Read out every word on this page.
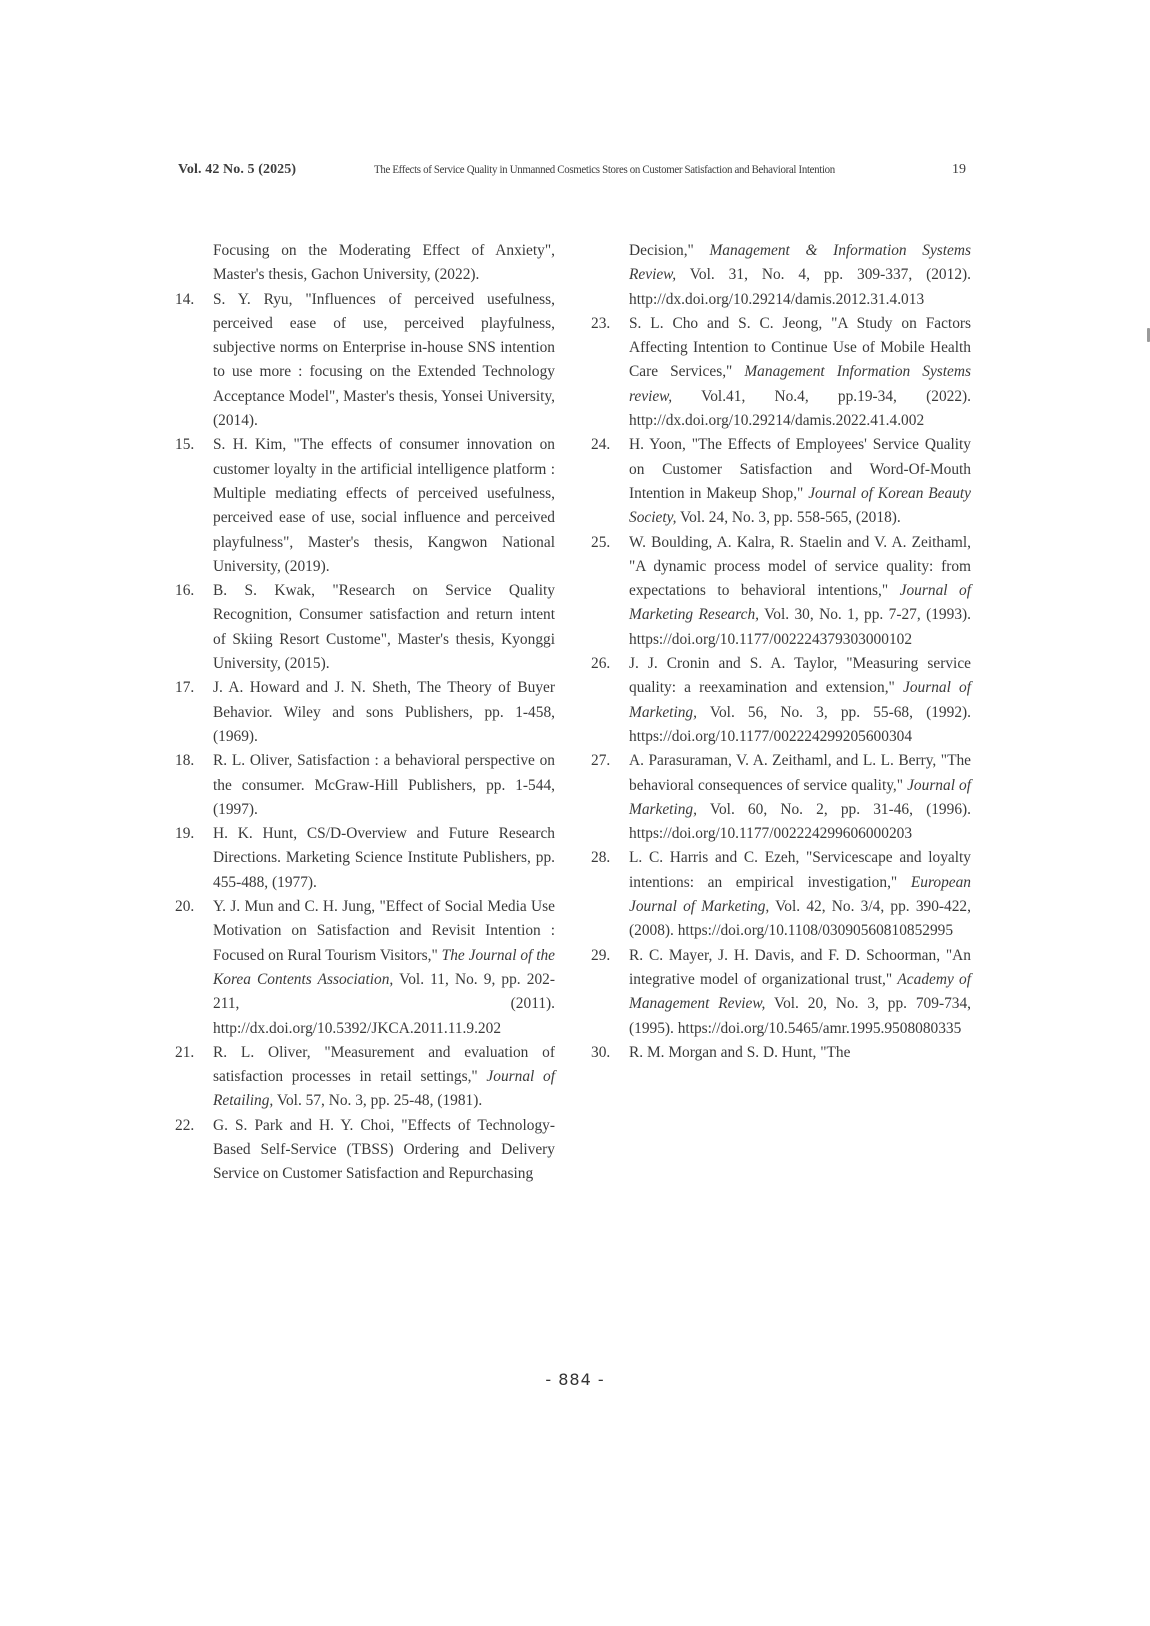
Vol. 42 No. 5 (2025)	The Effects of Service Quality in Unmanned Cosmetics Stores on Customer Satisfaction and Behavioral Intention	19
Focusing on the Moderating Effect of Anxiety", Master's thesis, Gachon University, (2022).
14. S. Y. Ryu, "Influences of perceived usefulness, perceived ease of use, perceived playfulness, subjective norms on Enterprise in-house SNS intention to use more : focusing on the Extended Technology Acceptance Model", Master's thesis, Yonsei University, (2014).
15. S. H. Kim, "The effects of consumer innovation on customer loyalty in the artificial intelligence platform : Multiple mediating effects of perceived usefulness, perceived ease of use, social influence and perceived playfulness", Master's thesis, Kangwon National University, (2019).
16. B. S. Kwak, "Research on Service Quality Recognition, Consumer satisfaction and return intent of Skiing Resort Custome", Master's thesis, Kyonggi University, (2015).
17. J. A. Howard and J. N. Sheth, The Theory of Buyer Behavior. Wiley and sons Publishers, pp. 1-458, (1969).
18. R. L. Oliver, Satisfaction : a behavioral perspective on the consumer. McGraw-Hill Publishers, pp. 1-544, (1997).
19. H. K. Hunt, CS/D-Overview and Future Research Directions. Marketing Science Institute Publishers, pp. 455-488, (1977).
20. Y. J. Mun and C. H. Jung, "Effect of Social Media Use Motivation on Satisfaction and Revisit Intention : Focused on Rural Tourism Visitors," The Journal of the Korea Contents Association, Vol. 11, No. 9, pp. 202-211, (2011). http://dx.doi.org/10.5392/JKCA.2011.11.9.202
21. R. L. Oliver, "Measurement and evaluation of satisfaction processes in retail settings," Journal of Retailing, Vol. 57, No. 3, pp. 25-48, (1981).
22. G. S. Park and H. Y. Choi, "Effects of Technology-Based Self-Service (TBSS) Ordering and Delivery Service on Customer Satisfaction and Repurchasing
Decision," Management & Information Systems Review, Vol. 31, No. 4, pp. 309-337, (2012). http://dx.doi.org/10.29214/damis.2012.31.4.013
23. S. L. Cho and S. C. Jeong, "A Study on Factors Affecting Intention to Continue Use of Mobile Health Care Services," Management Information Systems review, Vol.41, No.4, pp.19-34, (2022). http://dx.doi.org/10.29214/damis.2022.41.4.002
24. H. Yoon, "The Effects of Employees' Service Quality on Customer Satisfaction and Word-Of-Mouth Intention in Makeup Shop," Journal of Korean Beauty Society, Vol. 24, No. 3, pp. 558-565, (2018).
25. W. Boulding, A. Kalra, R. Staelin and V. A. Zeithaml, "A dynamic process model of service quality: from expectations to behavioral intentions," Journal of Marketing Research, Vol. 30, No. 1, pp. 7-27, (1993). https://doi.org/10.1177/002224379303000102
26. J. J. Cronin and S. A. Taylor, "Measuring service quality: a reexamination and extension," Journal of Marketing, Vol. 56, No. 3, pp. 55-68, (1992). https://doi.org/10.1177/002224299205600304
27. A. Parasuraman, V. A. Zeithaml, and L. L. Berry, "The behavioral consequences of service quality," Journal of Marketing, Vol. 60, No. 2, pp. 31-46, (1996). https://doi.org/10.1177/002224299606000203
28. L. C. Harris and C. Ezeh, "Servicescape and loyalty intentions: an empirical investigation," European Journal of Marketing, Vol. 42, No. 3/4, pp. 390-422, (2008). https://doi.org/10.1108/03090560810852995
29. R. C. Mayer, J. H. Davis, and F. D. Schoorman, "An integrative model of organizational trust," Academy of Management Review, Vol. 20, No. 3, pp. 709-734, (1995). https://doi.org/10.5465/amr.1995.9508080335
30. R. M. Morgan and S. D. Hunt, "The
- 884 -
